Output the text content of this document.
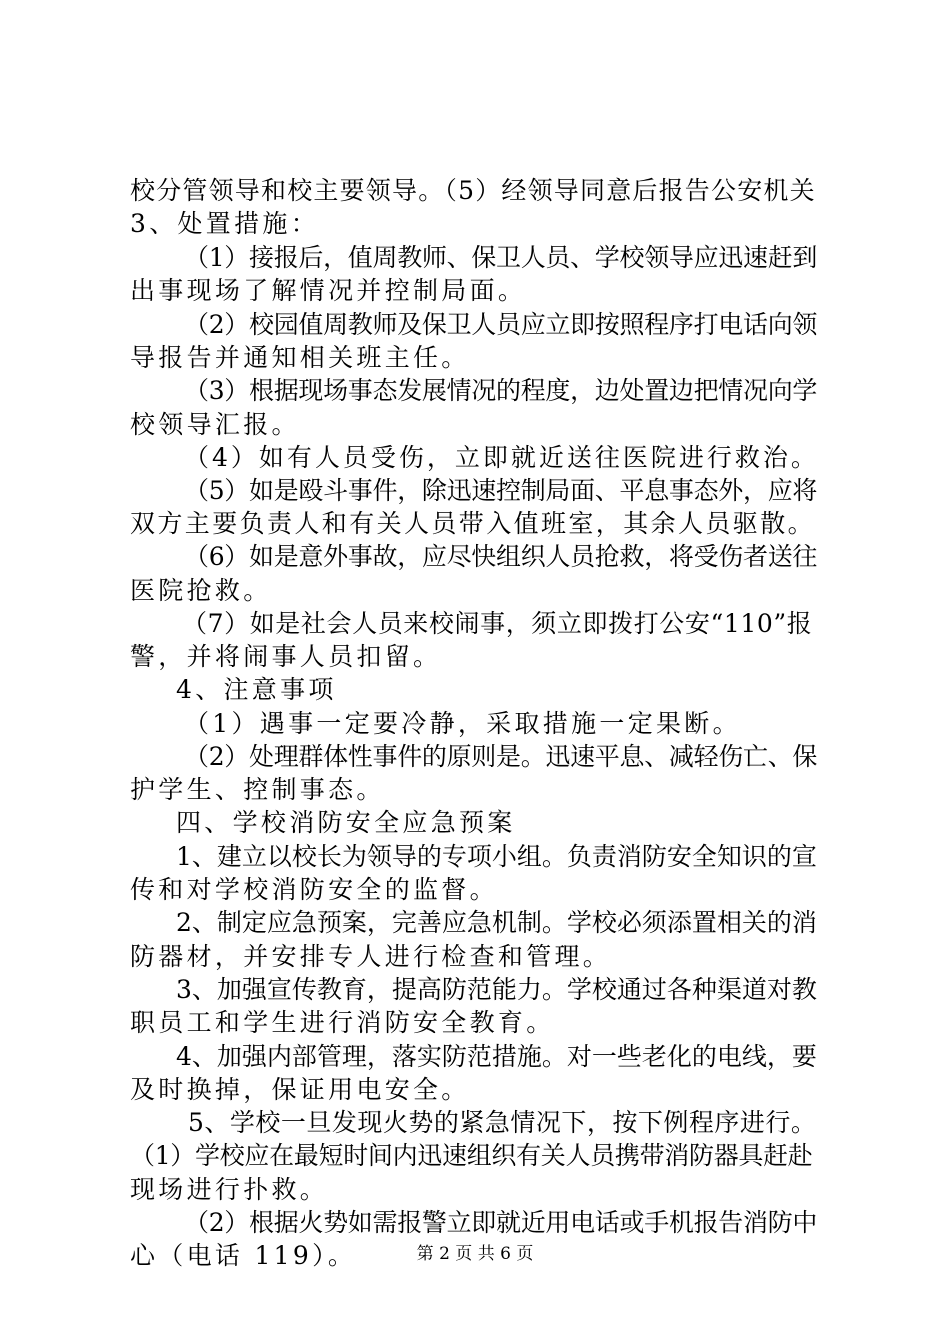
校分管领导和校主要领导。（5）经领导同意后报告公安机关
3、处置措施：
（1）接报后，值周教师、保卫人员、学校领导应迅速赶到
出事现场了解情况并控制局面。
（2）校园值周教师及保卫人员应立即按照程序打电话向领
导报告并通知相关班主任。
（3）根据现场事态发展情况的程度，边处置边把情况向学
校领导汇报。
（4）如有人员受伤，立即就近送往医院进行救治。
（5）如是殴斗事件，除迅速控制局面、平息事态外，应将
双方主要负责人和有关人员带入值班室，其余人员驱散。
（6）如是意外事故，应尽快组织人员抢救，将受伤者送往
医院抢救。
（7）如是社会人员来校闹事，须立即拨打公安“110”报
警，并将闹事人员扣留。
4、注意事项
（1）遇事一定要冷静，采取措施一定果断。
（2）处理群体性事件的原则是。迅速平息、减轻伤亡、保
护学生、控制事态。
四、学校消防安全应急预案
1、建立以校长为领导的专项小组。负责消防安全知识的宣
传和对学校消防安全的监督。
2、制定应急预案，完善应急机制。学校必须添置相关的消
防器材，并安排专人进行检查和管理。
3、加强宣传教育，提高防范能力。学校通过各种渠道对教
职员工和学生进行消防安全教育。
4、加强内部管理，落实防范措施。对一些老化的电线，要
及时换掉，保证用电安全。
5、学校一旦发现火势的紧急情况下，按下例程序进行。
（1）学校应在最短时间内迅速组织有关人员携带消防器具赶赴
现场进行扑救。
（2）根据火势如需报警立即就近用电话或手机报告消防中
心（电话 119）。	第 2 页 共 6 页
